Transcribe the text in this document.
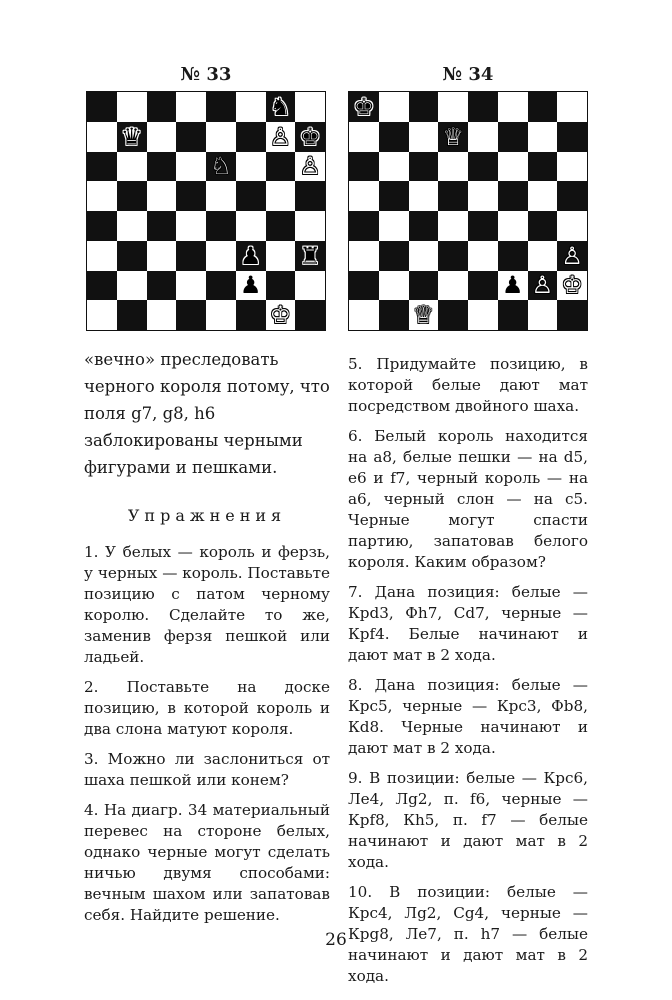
№ 33
♞
♛	♙ ♚
♘	♙
♟ ♜
♟
♔
№ 34
♚
♕
♙
♟ ♙ ♔
♕

«вечно» преследовать черного короля потому, что поля g7, g8, h6 заблокированы черными фигурами и пешками.

Упражнения

1. У белых — король и ферзь, у черных — король. Поставьте позицию с патом черному королю. Сделайте то же, заменив ферзя пешкой или ладьей.

2. Поставьте на доске позицию, в которой король и два слона матуют короля.

3. Можно ли заслониться от шаха пешкой или конем?

4. На диагр. 34 материальный перевес на стороне белых, однако черные могут сделать ничью двумя способами: вечным шахом или запатовав себя. Найдите решение.

5. Придумайте позицию, в которой белые дают мат посредством двойного шаха.

6. Белый король находится на a8, белые пешки — на d5, e6 и f7, черный король — на a6, черный слон — на c5. Черные могут спасти партию, запатовав белого короля. Каким образом?

7. Дана позиция: белые — Кpd3, Фh7, Сd7, черные — Кpf4. Белые начинают и дают мат в 2 хода.

8. Дана позиция: белые — Кpc5, черные — Кpc3, Фb8, Кd8. Черные начинают и дают мат в 2 хода.

9. В позиции: белые — Кpc6, Лe4, Лg2, п. f6, черные — Кpf8, Кh5, п. f7 — белые начинают и дают мат в 2 хода.

10. В позиции: белые — Кpc4, Лg2, Сg4, черные — Кpg8, Лe7, п. h7 — белые начинают и дают мат в 2 хода.

26
